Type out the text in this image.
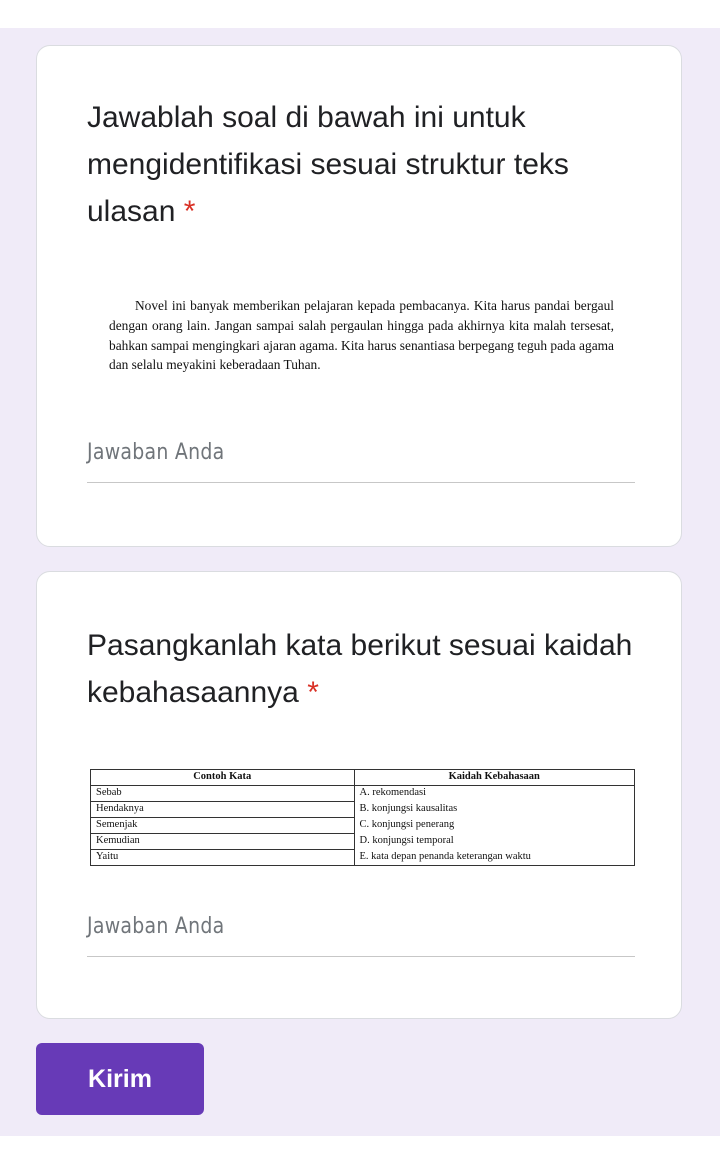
Jawablah soal di bawah ini untuk mengidentifikasi sesuai struktur teks ulasan *
Novel ini banyak memberikan pelajaran kepada pembacanya. Kita harus pandai bergaul dengan orang lain. Jangan sampai salah pergaulan hingga pada akhirnya kita malah tersesat, bahkan sampai mengingkari ajaran agama. Kita harus senantiasa berpegang teguh pada agama dan selalu meyakini keberadaan Tuhan.
Jawaban Anda
Pasangkanlah kata berikut sesuai kaidah kebahasaannya *
Contoh Kata	Kaidah Kebahasaan
Sebab	A. rekomendasi
Hendaknya	B. konjungsi kausalitas
Semenjak	C. konjungsi penerang
Kemudian	D. konjungsi temporal
Yaitu	E. kata depan penanda keterangan waktu
Jawaban Anda
Kirim
